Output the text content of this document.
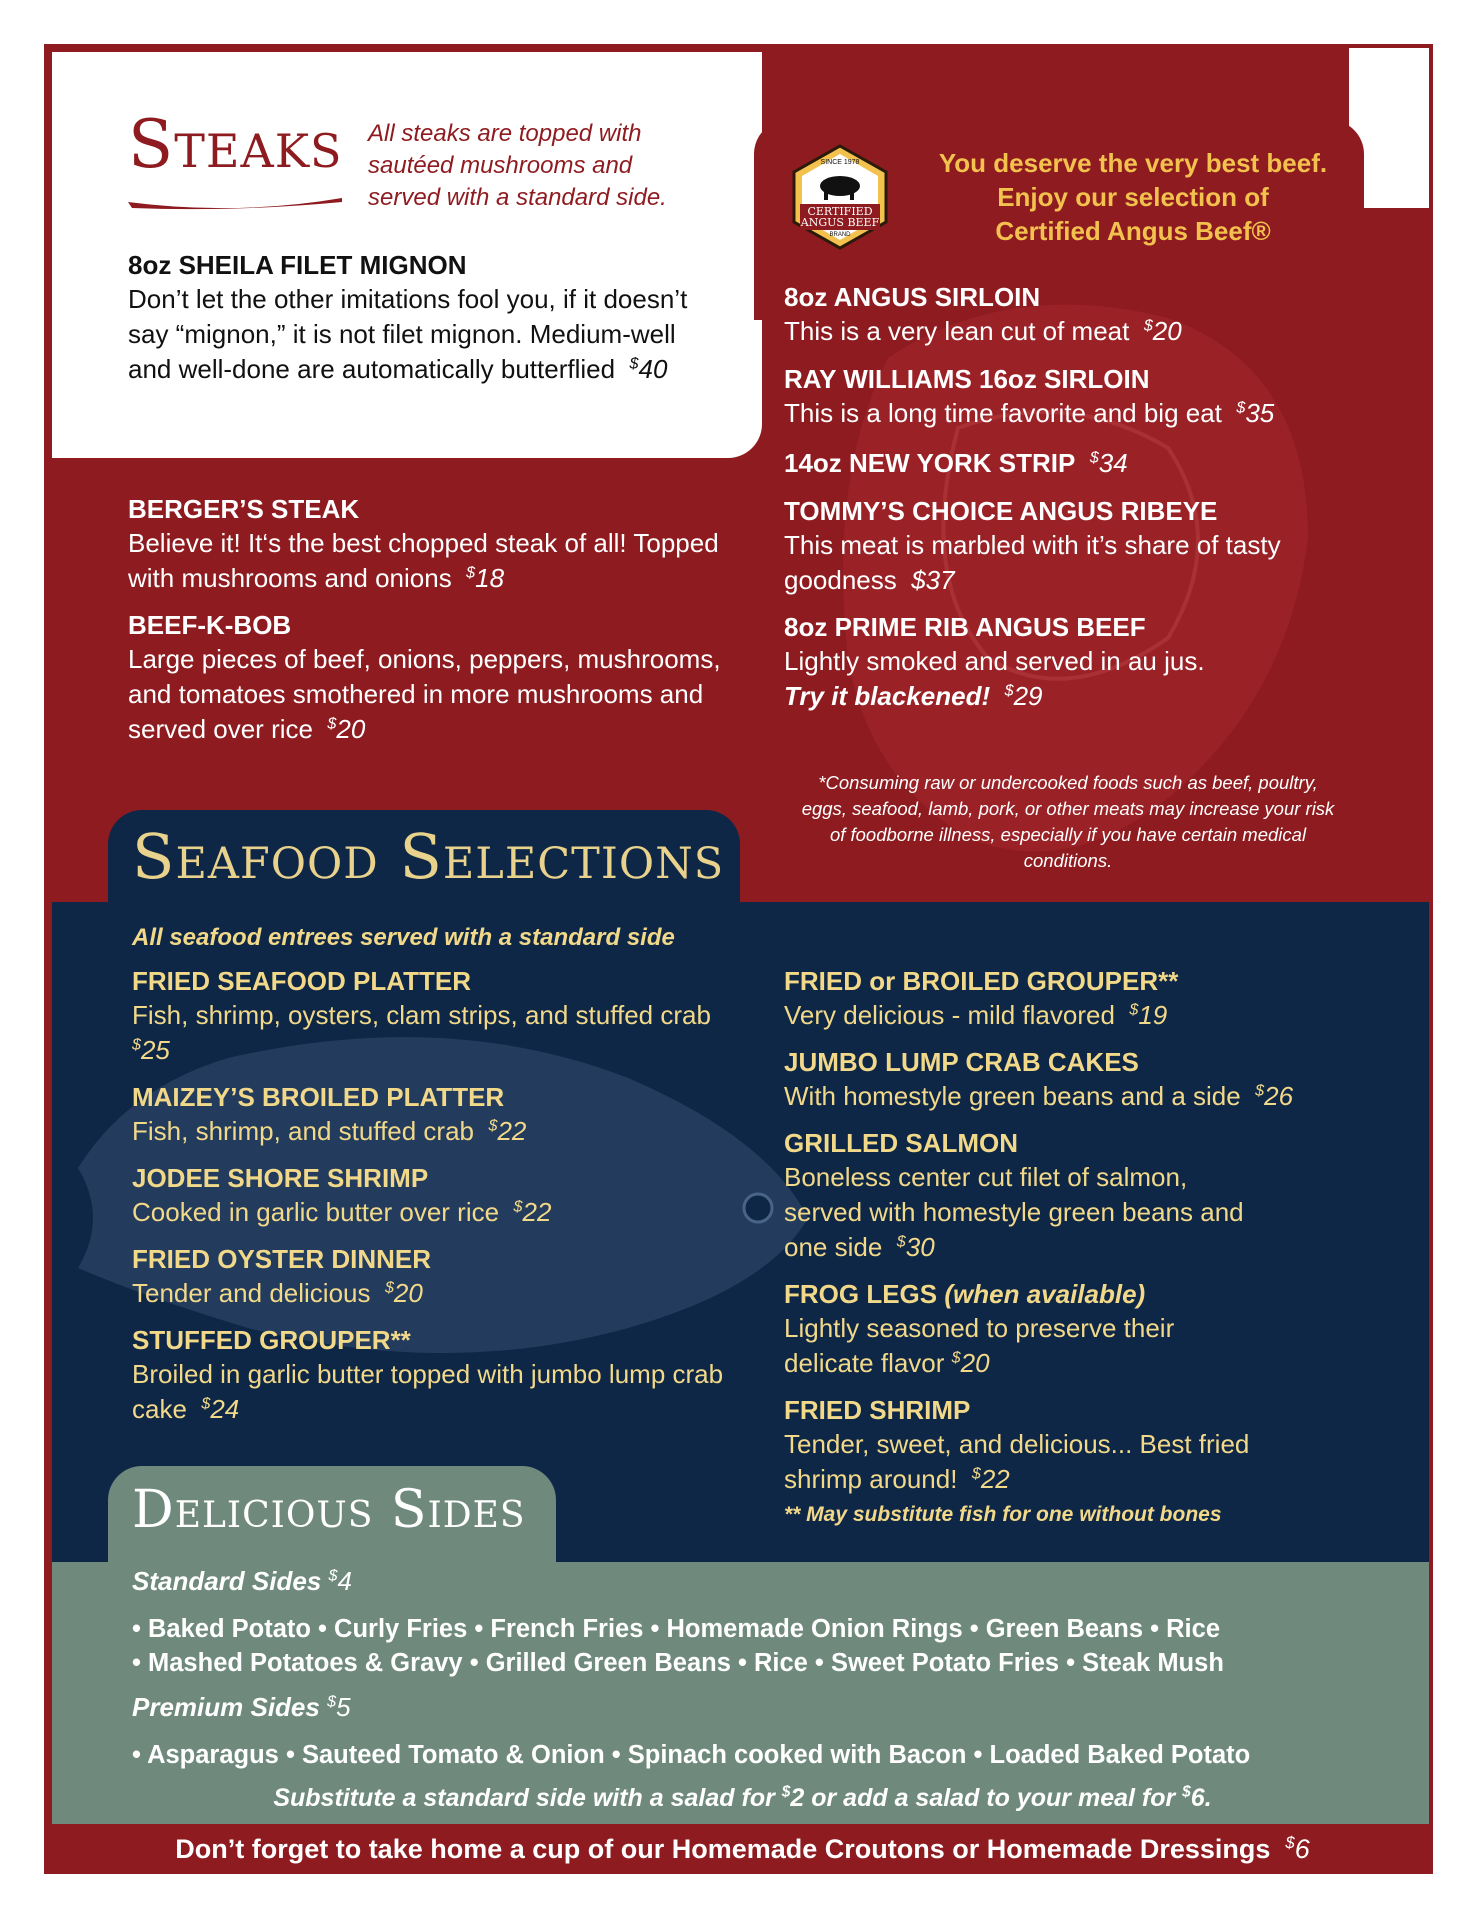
Steaks All steaks are topped with sautéed mushrooms and served with a standard side.
8oz SHEILA FILET MIGNON
Don’t let the other imitations fool you, if it doesn’t say “mignon,” it is not filet mignon. Medium-well and well-done are automatically butterflied $40
BERGER’S STEAK
Believe it! It‘s the best chopped steak of all! Topped with mushrooms and onions $18
BEEF-K-BOB
Large pieces of beef, onions, peppers, mushrooms, and tomatoes smothered in more mushrooms and served over rice $20
SINCE 1978
CERTIFIED
ANGUS BEEF
BRAND
You deserve the very best beef.
Enjoy our selection of
Certified Angus Beef®
8oz ANGUS SIRLOIN
This is a very lean cut of meat $20
RAY WILLIAMS 16oz SIRLOIN
This is a long time favorite and big eat $35
14oz NEW YORK STRIP $34
TOMMY’S CHOICE ANGUS RIBEYE
This meat is marbled with it’s share of tasty goodness $37
8oz PRIME RIB ANGUS BEEF
Lightly smoked and served in au jus.
Try it blackened! $29
*Consuming raw or undercooked foods such as beef, poultry, eggs, seafood, lamb, pork, or other meats may increase your risk of foodborne illness, especially if you have certain medical conditions.
Seafood Selections
All seafood entrees served with a standard side
FRIED SEAFOOD PLATTER
Fish, shrimp, oysters, clam strips, and stuffed crab  $25
MAIZEY’S BROILED PLATTER
Fish, shrimp, and stuffed crab $22
JODEE SHORE SHRIMP
Cooked in garlic butter over rice $22
FRIED OYSTER DINNER
Tender and delicious $20
STUFFED GROUPER**
Broiled in garlic butter topped with jumbo lump crab cake $24
FRIED or BROILED GROUPER**
Very delicious - mild flavored $19
JUMBO LUMP CRAB CAKES
With homestyle green beans and a side $26
GRILLED SALMON
Boneless center cut filet of salmon, served with homestyle green beans and one side $30
FROG LEGS (when available)
Lightly seasoned to preserve their delicate flavor $20
FRIED SHRIMP
Tender, sweet, and delicious... Best fried shrimp around! $22
** May substitute fish for one without bones
Delicious Sides
Standard Sides $4
• Baked Potato • Curly Fries • French Fries • Homemade Onion Rings • Green Beans • Rice
• Mashed Potatoes & Gravy • Grilled Green Beans • Rice • Sweet Potato Fries • Steak Mush
Premium Sides $5
• Asparagus • Sauteed Tomato & Onion • Spinach cooked with Bacon • Loaded Baked Potato
Substitute a standard side with a salad for $2 or add a salad to your meal for $6.
Don’t forget to take home a cup of our Homemade Croutons or Homemade Dressings $6
